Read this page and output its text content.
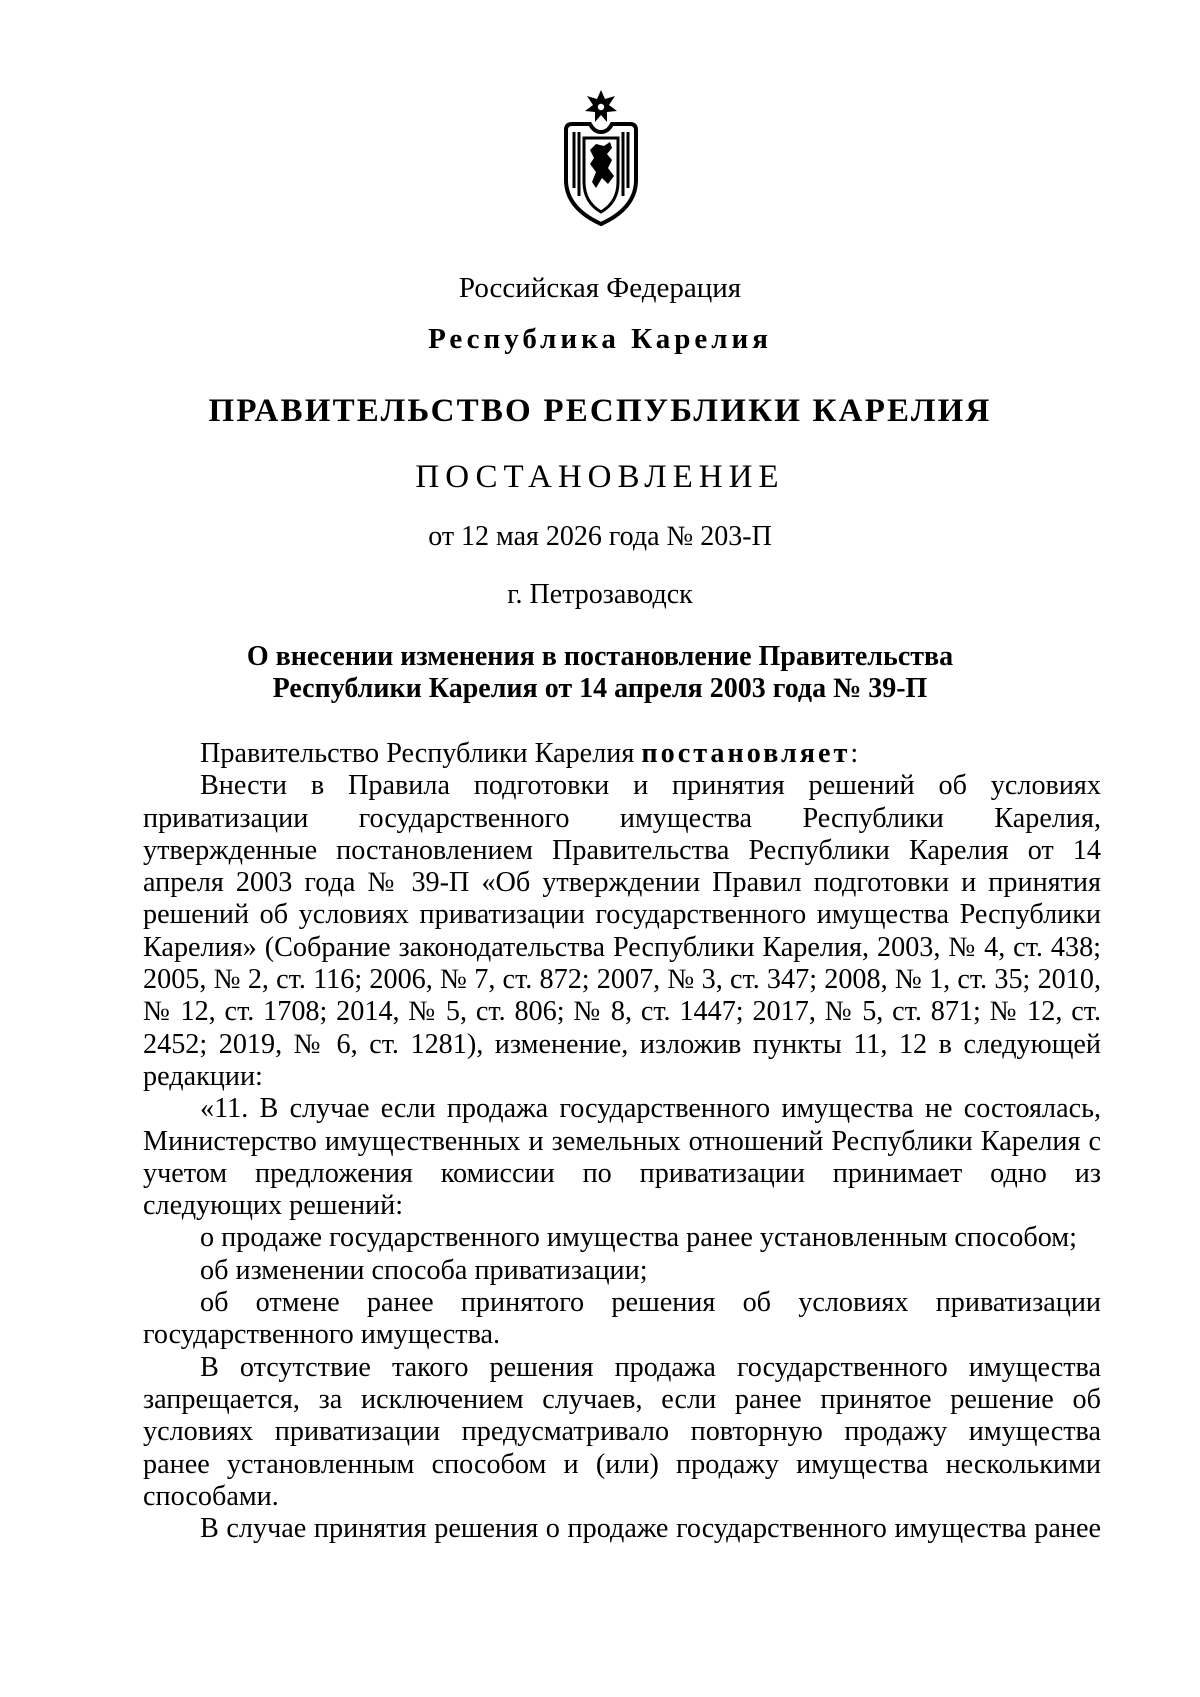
Российская Федерация
Республика Карелия
ПРАВИТЕЛЬСТВО РЕСПУБЛИКИ КАРЕЛИЯ
ПОСТАНОВЛЕНИЕ
от 12 мая 2026 года № 203-П
г. Петрозаводск
О внесении изменения в постановление Правительства
Республики Карелия от 14 апреля 2003 года № 39-П

Правительство Республики Карелия постановляет:

Внести в Правила подготовки и принятия решений об условиях приватизации государственного имущества Республики Карелия, утвержденные постановлением Правительства Республики Карелия от 14 апреля 2003 года № 39-П «Об утверждении Правил подготовки и принятия решений об условиях приватизации государственного имущества Республики Карелия» (Собрание законодательства Республики Карелия, 2003, № 4, ст. 438; 2005, № 2, ст. 116; 2006, № 7, ст. 872; 2007, № 3, ст. 347; 2008, № 1, ст. 35; 2010, № 12, ст. 1708; 2014, № 5, ст. 806; № 8, ст. 1447; 2017, № 5, ст. 871; № 12, ст. 2452; 2019, № 6, ст. 1281), изменение, изложив пункты 11, 12 в следующей редакции:

«11. В случае если продажа государственного имущества не состоялась, Министерство имущественных и земельных отношений Республики Карелия с учетом предложения комиссии по приватизации принимает одно из следующих решений:

о продаже государственного имущества ранее установленным способом;

об изменении способа приватизации;

об отмене ранее принятого решения об условиях приватизации государственного имущества.

В отсутствие такого решения продажа государственного имущества запрещается, за исключением случаев, если ранее принятое решение об условиях приватизации предусматривало повторную продажу имущества ранее установленным способом и (или) продажу имущества несколькими способами.

В случае принятия решения о продаже государственного имущества ранее
